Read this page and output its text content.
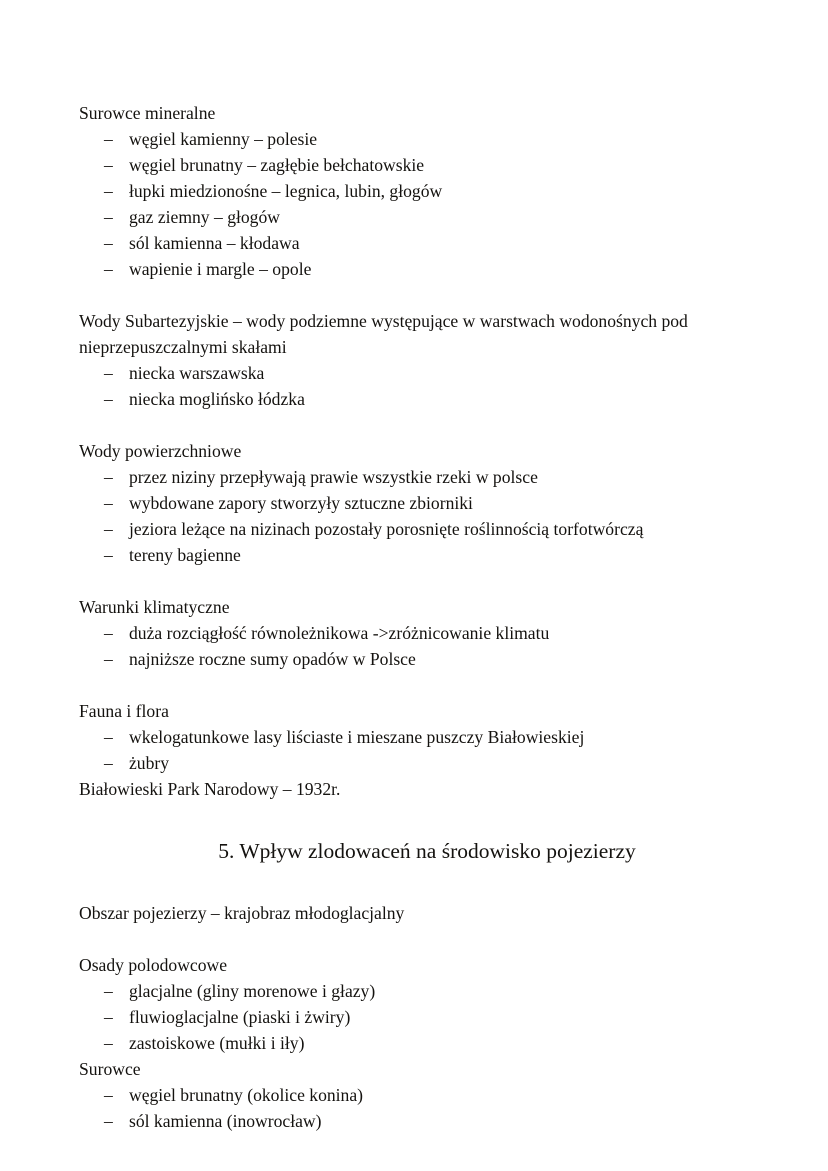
Surowce mineralne

– węgiel kamienny – polesie
– węgiel brunatny – zagłębie bełchatowskie
– łupki miedzionośne – legnica, lubin, głogów
– gaz ziemny – głogów
– sól kamienna – kłodawa
– wapienie i margle – opole

Wody Subartezyjskie – wody podziemne występujące w warstwach wodonośnych pod nieprzepuszczalnymi skałami

– niecka warszawska
– niecka moglińsko łódzka

Wody powierzchniowe

– przez niziny przepływają prawie wszystkie rzeki w polsce
– wybdowane zapory stworzyły sztuczne zbiorniki
– jeziora leżące na nizinach pozostały porosnięte roślinnością torfotwórczą
– tereny bagienne

Warunki klimatyczne

– duża rozciągłość równoleżnikowa ->zróżnicowanie klimatu
– najniższe roczne sumy opadów w Polsce

Fauna i flora

– wkelogatunkowe lasy liściaste i mieszane puszczy Białowieskiej
– żubry

Białowieski Park Narodowy – 1932r.

5. Wpływ zlodowaceń na środowisko pojezierzy

Obszar pojezierzy – krajobraz młodoglacjalny

Osady polodowcowe

– glacjalne (gliny morenowe i głazy)
– fluwioglacjalne (piaski i żwiry)
– zastoiskowe (mułki i iły)

Surowce

– węgiel brunatny (okolice konina)
– sól kamienna (inowrocław)
